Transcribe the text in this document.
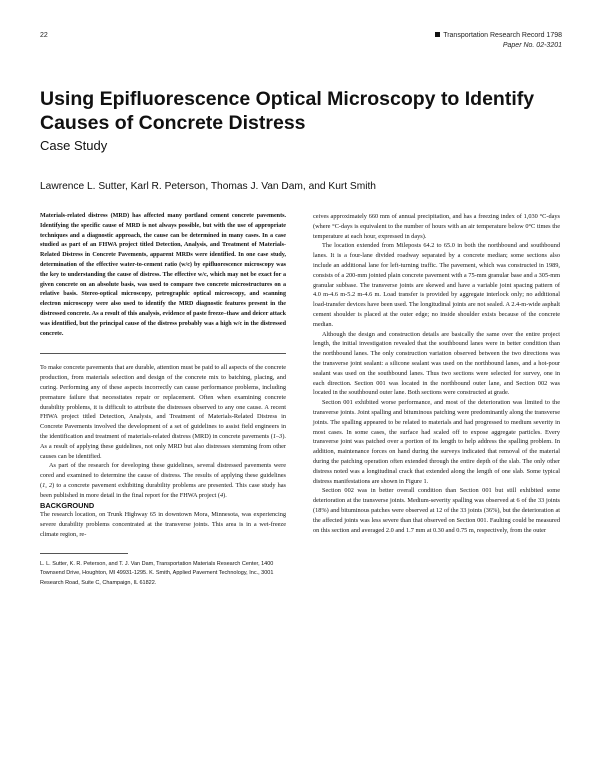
22	Transportation Research Record 1798
Paper No. 02-3201
Using Epifluorescence Optical Microscopy to Identify Causes of Concrete Distress
Case Study
Lawrence L. Sutter, Karl R. Peterson, Thomas J. Van Dam, and Kurt Smith

Materials-related distress (MRD) has affected many portland cement concrete pavements. Identifying the specific cause of MRD is not always possible, but with the use of appropriate techniques and a diagnostic approach, the cause can be determined in many cases. In a case studied as part of an FHWA project titled Detection, Analysis, and Treatment of Materials-Related Distress in Concrete Pavements, apparent MRDs were identified. In one case study, determination of the effective water-to-cement ratio (w/c) by epifluorescence microscopy was the key to understanding the cause of distress. The effective w/c, which may not be exact for a given concrete on an absolute basis, was used to compare two concrete microstructures on a relative basis. Stereo-optical microscopy, petrographic optical microscopy, and scanning electron microscopy were also used to identify the MRD diagnostic features present in the distressed concrete. As a result of this analysis, evidence of paste freeze–thaw and deicer attack was identified, but the principal cause of the distress probably was a high w/c in the distressed concrete.

To make concrete pavements that are durable, attention must be paid to all aspects of the concrete production, from materials selection and design of the concrete mix to batching, placing, and curing. Performing any of these aspects incorrectly can cause performance problems, including premature failure that necessitates repair or replacement. Often when examining concrete durability problems, it is difficult to attribute the distresses observed to any one cause. A recent FHWA project titled Detection, Analysis, and Treatment of Materials-Related Distress in Concrete Pavements involved the development of a set of guidelines to assist field engineers in the identification and treatment of materials-related distress (MRD) in concrete pavements (1–3). As a result of applying these guidelines, not only MRD but also distresses stemming from other causes can be identified.

As part of the research for developing these guidelines, several distressed pavements were cored and examined to determine the cause of distress. The results of applying these guidelines (1, 2) to a concrete pavement exhibiting durability problems are presented. This case study has been published in more detail in the final report for the FHWA project (4).

BACKGROUND

The research location, on Trunk Highway 65 in downtown Mora, Minnesota, was experiencing severe durability problems concentrated at the transverse joints. This area is in a wet-freeze climate region, re-

L. L. Sutter, K. R. Peterson, and T. J. Van Dam, Transportation Materials Research Center, 1400 Townsend Drive, Houghton, MI 49931-1295. K. Smith, Applied Pavement Technology, Inc., 3001 Research Road, Suite C, Champaign, IL 61822.

ceives approximately 660 mm of annual precipitation, and has a freezing index of 1,030 °C-days (where °C-days is equivalent to the number of hours with an air temperature below 0°C times the temperature at each hour, expressed in days).

The location extended from Mileposts 64.2 to 65.0 in both the northbound and southbound lanes. It is a four-lane divided roadway separated by a concrete median; some sections also include an additional lane for left-turning traffic. The pavement, which was constructed in 1989, consists of a 200-mm jointed plain concrete pavement with a 75-mm granular base and a 305-mm granular subbase. The transverse joints are skewed and have a variable joint spacing pattern of 4.0 m-4.6 m-5.2 m-4.6 m. Load transfer is provided by aggregate interlock only; no additional load-transfer devices have been used. The longitudinal joints are not sealed. A 2.4-m-wide asphalt cement shoulder is placed at the outer edge; no inside shoulder exists because of the concrete median.

Although the design and construction details are basically the same over the entire project length, the initial investigation revealed that the southbound lanes were in better condition than the northbound lanes. The only construction variation observed between the two directions was the transverse joint sealant: a silicone sealant was used on the northbound lanes, and a hot-pour sealant was used on the southbound lanes. Thus two sections were selected for survey, one in each direction. Section 001 was located in the northbound outer lane, and Section 002 was located in the southbound outer lane. Both sections were constructed at grade.

Section 001 exhibited worse performance, and most of the deterioration was limited to the transverse joints. Joint spalling and bituminous patching were predominantly along the transverse joints. The spalling appeared to be related to materials and had progressed to medium severity in most cases. In some cases, the surface had scaled off to expose aggregate particles. Every transverse joint was patched over a portion of its length to help address the spalling problem. In addition, maintenance forces on hand during the surveys indicated that removal of the material during the patching operation often extended through the entire depth of the slab. The only other distress noted was a longitudinal crack that extended along the length of one slab. Some typical distress manifestations are shown in Figure 1.

Section 002 was in better overall condition than Section 001 but still exhibited some deterioration at the transverse joints. Medium-severity spalling was observed at 6 of the 33 joints (18%) and bituminous patches were observed at 12 of the 33 joints (36%), but the deterioration at the affected joints was less severe than that observed on Section 001. Faulting could be measured on this section and averaged 2.0 and 1.7 mm at 0.30 and 0.75 m, respectively, from the outer
